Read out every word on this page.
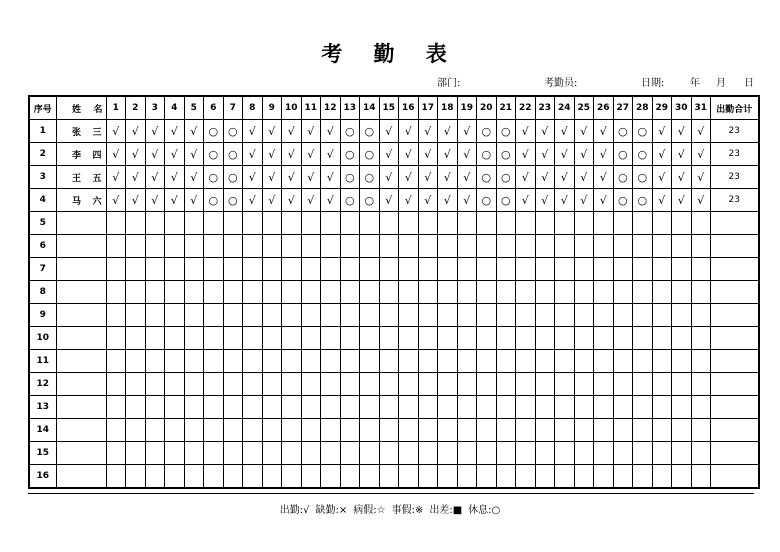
考 勤 表
部门:	考勤员:	日期:	年 月 日
序号	姓 名	1	2	3	4	5	6	7	8	9	10	11	12	13	14	15	16	17	18	19	20	21	22	23	24	25	26	27	28	29	30	31	出勤合计
1	张 三	√	√	√	√	√	○	○	√	√	√	√	√	○	○	√	√	√	√	√	○	○	√	√	√	√	√	○	○	√	√	√	23
2	李 四	√	√	√	√	√	○	○	√	√	√	√	√	○	○	√	√	√	√	√	○	○	√	√	√	√	√	○	○	√	√	√	23
3	王 五	√	√	√	√	√	○	○	√	√	√	√	√	○	○	√	√	√	√	√	○	○	√	√	√	√	√	○	○	√	√	√	23
4	马 六	√	√	√	√	√	○	○	√	√	√	√	√	○	○	√	√	√	√	√	○	○	√	√	√	√	√	○	○	√	√	√	23
5																																	
6																																	
7																																	
8																																	
9																																	
10																																	
11																																	
12																																	
13																																	
14																																	
15																																	
16																																	
出勤:√ 缺勤:× 病假:☆ 事假:※ 出差:■ 休息:○
